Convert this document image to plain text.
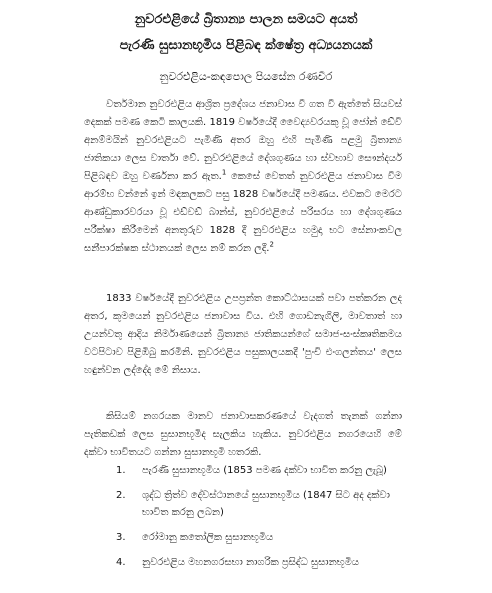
නුවරඑළියේ බ්‍රිතාන්‍ය පාලන සමයට අයත්
පැරණි සුසානභූමිය පිළිබඳ ක්ෂේත්‍ර අධ්‍යයනයක්
නුවරඑළිය-කඳපොල පියසේන රණවීර
වර්තමාන නුවරඑළිය ආශ්‍රිත ප්‍රදේශය ජනාවාස වී ගත වී ඇත්තේ සියවස් දෙකක් පමණ කෙටි කාලයකි. 1819 වර්ෂයේදී වෛද්‍යවරයකු වූ ජෝන් ඩේවි අනම්මයින් නුවරඑළියට පැමිණි අතර ඔහු එහි පැමිණි පළමු බ්‍රිතාන්‍ය ජාතිකයා ලෙස වාර්තා වේ. නුවරඑළියේ දේශගුණය හා ස්වභාව සෞන්දර්ය පිළිබඳව ඔහු වර්ණනා කර ඇත.$^1$ කෙසේ වෙතත් නුවරඑළිය ජනාවාස වීම ආරම්භ වන්නේ ඉන් මඳකලකට පසු 1828 වර්ෂයේදී පමණය. එවකට මෙරට ආණ්ඩුකාරවරයා වූ එඩ්වඩ් බාන්ස්, නුවරඑළියේ පරිසරය හා දේශගුණය පරීක්ෂා කිරීමෙන් අනතුරුව 1828 දී නුවරඑළිය හමුදා භට සේනාංකවල සනීපාරක්ෂක ස්ථානයක් ලෙස නම් කරන ලදී.$^2$
1833 වර්ෂයේදී නුවරඑළිය උපප්‍රන්ත කොට්ඨාසයක් පවා පත්කරන ලද අතර, කුමයෙන් නුවරඑළිය ජනාවාස විය. එහි ගොඩනැගිලි, මාවතාත් හා උයන්වතු ආදිය නිර්මාණයෙන් බ්‍රිතාන්‍ය ජාතිකයන්ගේ සමාජ-සංස්කෘතිකමය වටපිටාව පිළිඹිබු කරමිනි. නුවරඑළිය පසුකාලයකදී 'පුංචි එංගලන්තය' ලෙස හඳුන්වන ලද්දේද මේ නිසාය.
කිසියම් නගරයක මානව ජනාවාසකරණයේ වැදගත් තැනක් ගන්නා පැතිකඩක් ලෙස සුසානභූමිද සැලකිය හැකිය. නුවරඑළිය නගරයෙහි මේ දක්වා භාවිතයට ගන්නා සුසානභූමි හතරකි.
1. පැරණි සුසානභූමිය (1853 පමණ දක්වා භාවිත කරනු ලැබූ)
2. ශුද්ධ ත්‍රිත්ව දේවස්ථානයේ සුසානභූමිය (1847 සිට අද දක්වා භාවිත කරනු ලබන)
3. රෝමානු කතෝලික සුසානභූමිය
4. නුවරඑළිය මහනගරසභා නාගරික ප්‍රසිද්ධ සුසානභූමිය
